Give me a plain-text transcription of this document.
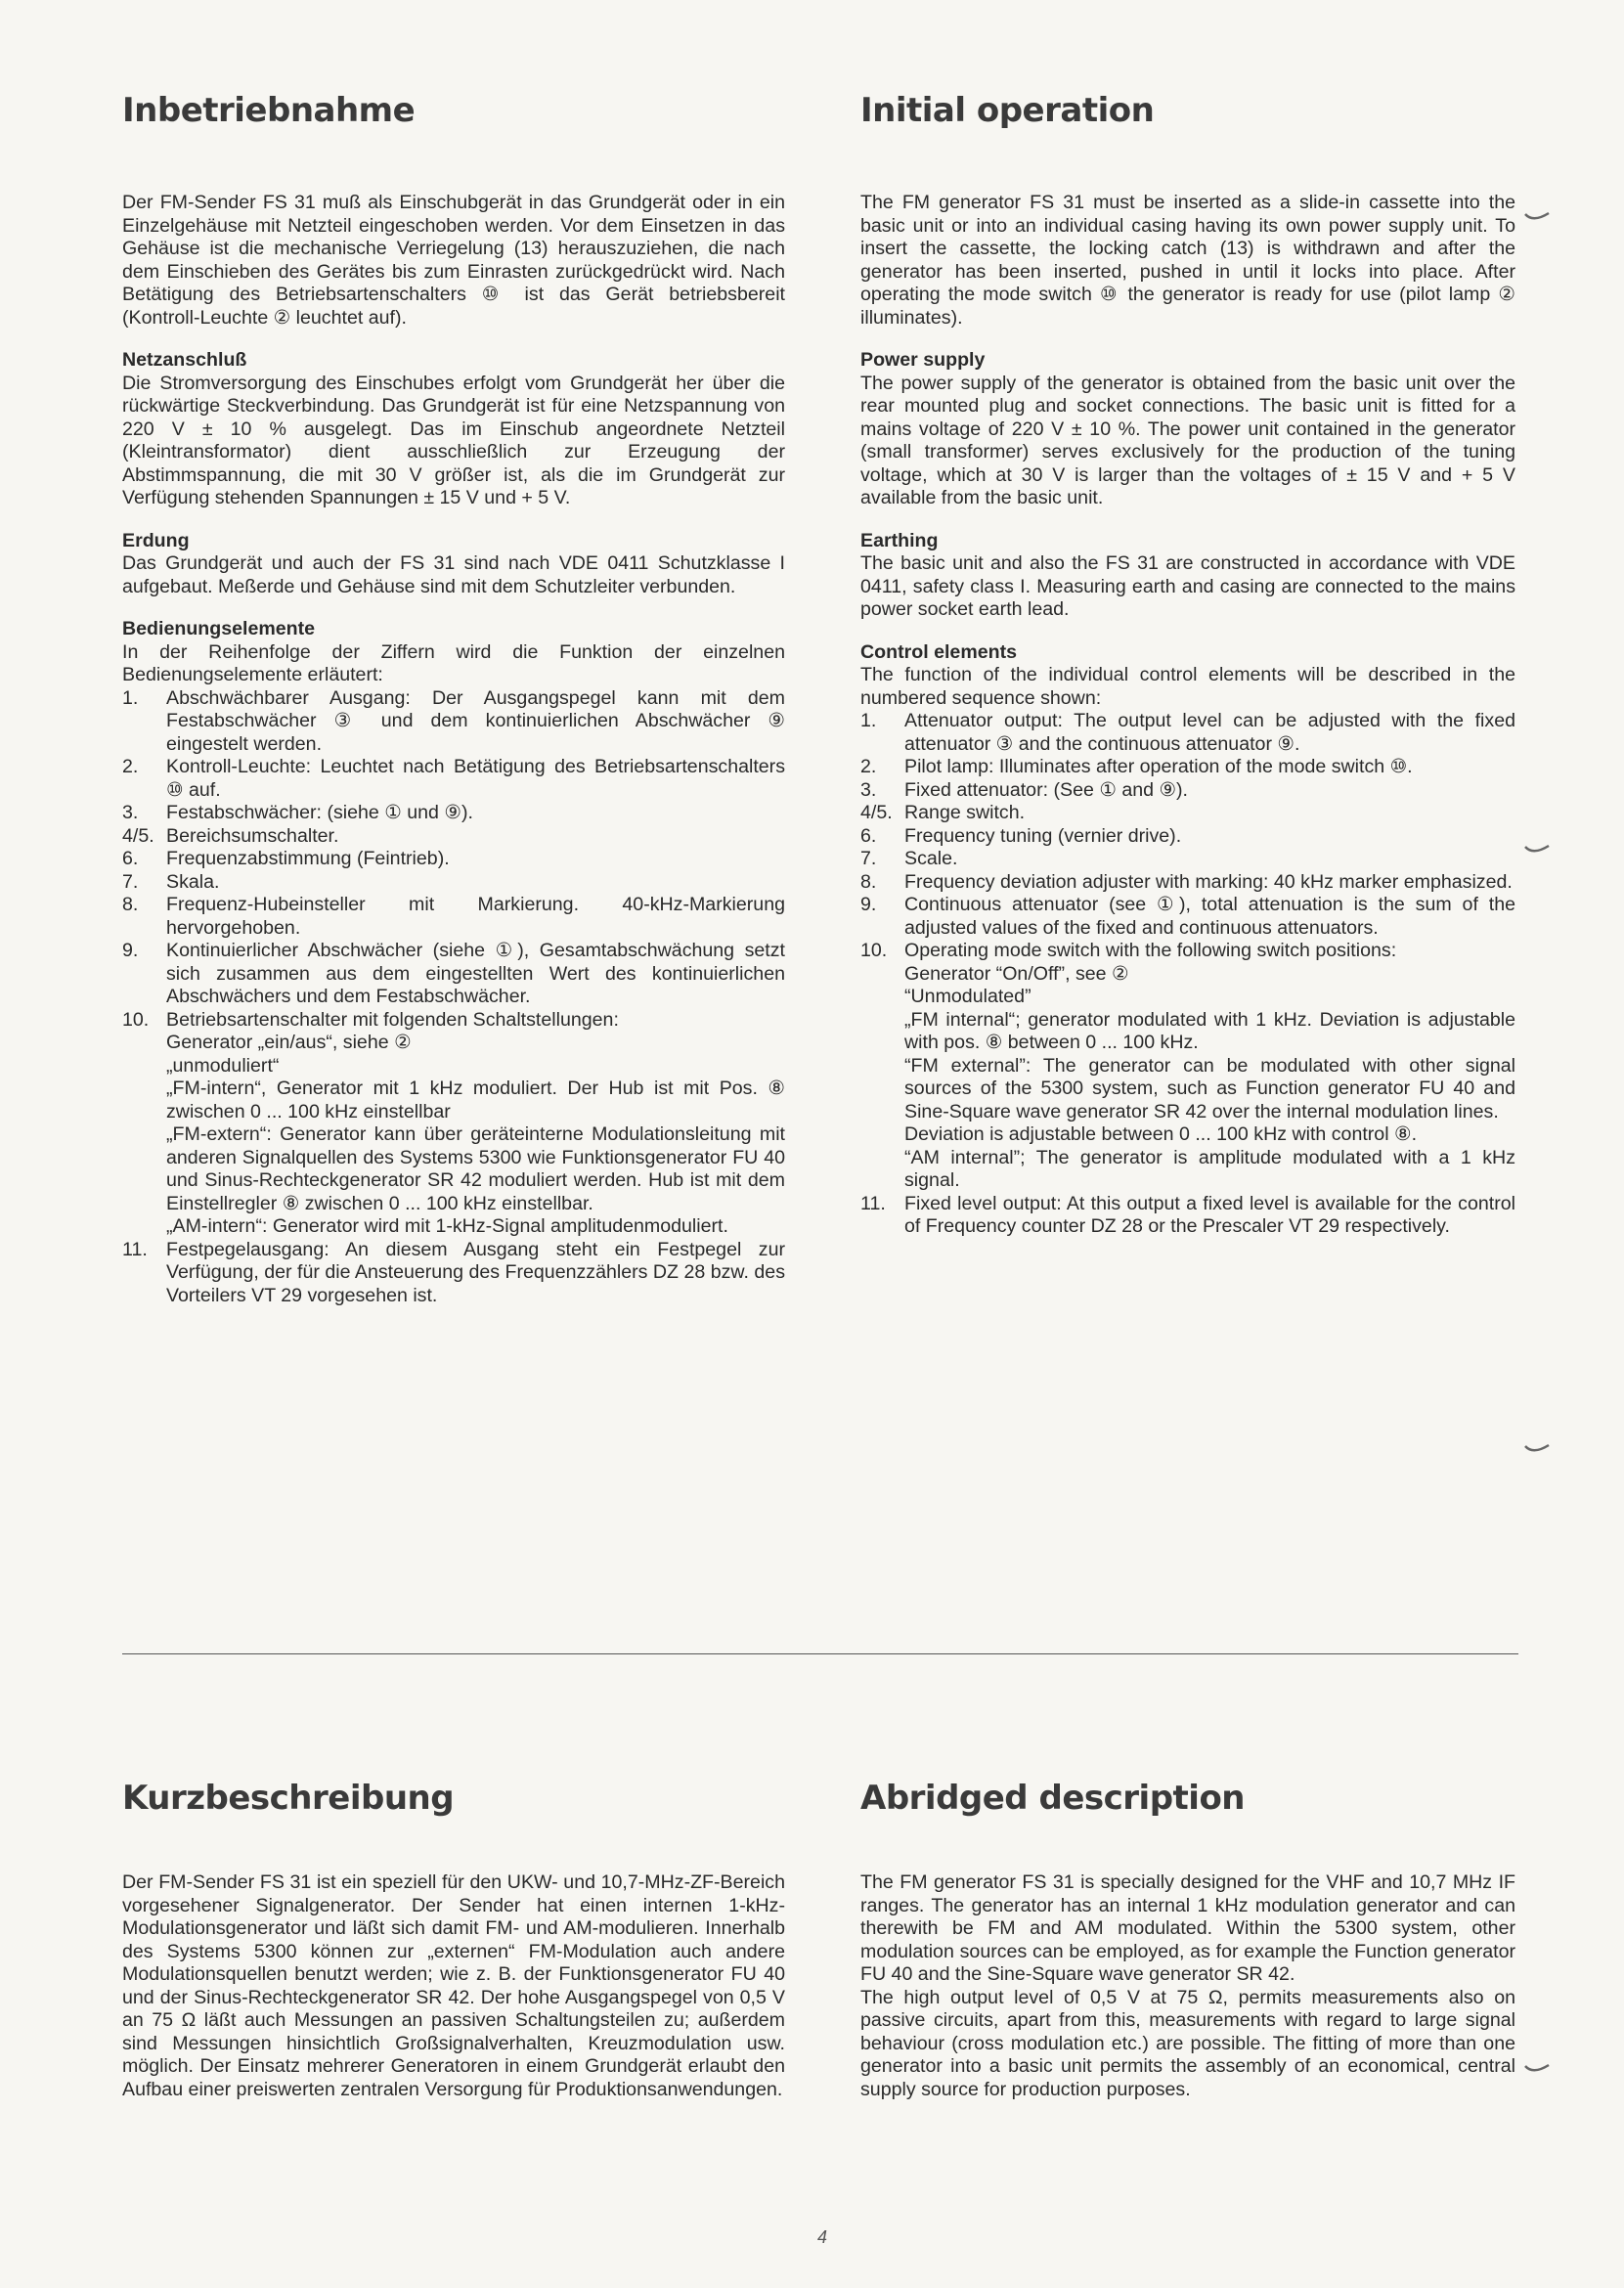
Inbetriebnahme

Der FM-Sender FS 31 muß als Einschubgerät in das Grundgerät oder in ein Einzelgehäuse mit Netzteil eingeschoben werden. Vor dem Einsetzen in das Gehäuse ist die mechanische Verriegelung (13) herauszuziehen, die nach dem Einschieben des Gerätes bis zum Einrasten zurückgedrückt wird. Nach Betätigung des Betriebsartenschalters ⑩ ist das Gerät betriebsbereit (Kontroll-Leuchte ② leuchtet auf).

Netzanschluß

Die Stromversorgung des Einschubes erfolgt vom Grundgerät her über die rückwärtige Steckverbindung. Das Grundgerät ist für eine Netzspannung von 220 V ± 10 % ausgelegt. Das im Einschub angeordnete Netzteil (Kleintransformator) dient ausschließlich zur Erzeugung der Abstimmspannung, die mit 30 V größer ist, als die im Grundgerät zur Verfügung stehenden Spannungen ± 15 V und + 5 V.

Erdung

Das Grundgerät und auch der FS 31 sind nach VDE 0411 Schutzklasse I aufgebaut. Meßerde und Gehäuse sind mit dem Schutzleiter verbunden.

Bedienungselemente

In der Reihenfolge der Ziffern wird die Funktion der einzelnen Bedienungselemente erläutert:

1.	Abschwächbarer Ausgang: Der Ausgangspegel kann mit dem Festabschwächer ③ und dem kontinuierlichen Abschwächer ⑨ eingestelt werden.
2.	Kontroll-Leuchte: Leuchtet nach Betätigung des Betriebsartenschalters ⑩ auf.
3.	Festabschwächer: (siehe ① und ⑨).
4/5. Bereichsumschalter.
6.	Frequenzabstimmung (Feintrieb).
7.	Skala.
8.	Frequenz-Hubeinsteller mit Markierung. 40-kHz-Markierung hervorgehoben.
9.	Kontinuierlicher Abschwächer (siehe ①), Gesamtabschwächung setzt sich zusammen aus dem eingestellten Wert des kontinuierlichen Abschwächers und dem Festabschwächer.
10. Betriebsartenschalter mit folgenden Schaltstellungen:
Generator „ein/aus“, siehe ②
„unmoduliert“
„FM-intern“, Generator mit 1 kHz moduliert. Der Hub ist mit Pos. ⑧ zwischen 0 ... 100 kHz einstellbar
„FM-extern“: Generator kann über geräteinterne Modulationsleitung mit anderen Signalquellen des Systems 5300 wie Funktionsgenerator FU 40 und Sinus-Rechteckgenerator SR 42 moduliert werden. Hub ist mit dem Einstellregler ⑧ zwischen 0 ... 100 kHz einstellbar.
„AM-intern“: Generator wird mit 1-kHz-Signal amplitudenmoduliert.
11. Festpegelausgang: An diesem Ausgang steht ein Festpegel zur Verfügung, der für die Ansteuerung des Frequenzzählers DZ 28 bzw. des Vorteilers VT 29 vorgesehen ist.
Initial operation

The FM generator FS 31 must be inserted as a slide-in cassette into the basic unit or into an individual casing having its own power supply unit. To insert the cassette, the locking catch (13) is withdrawn and after the generator has been inserted, pushed in until it locks into place. After operating the mode switch ⑩ the generator is ready for use (pilot lamp ② illuminates).

Power supply

The power supply of the generator is obtained from the basic unit over the rear mounted plug and socket connections. The basic unit is fitted for a mains voltage of 220 V ± 10 %. The power unit contained in the generator (small transformer) serves exclusively for the production of the tuning voltage, which at 30 V is larger than the voltages of ± 15 V and + 5 V available from the basic unit.

Earthing

The basic unit and also the FS 31 are constructed in accordance with VDE 0411, safety class I. Measuring earth and casing are connected to the mains power socket earth lead.

Control elements

The function of the individual control elements will be described in the numbered sequence shown:

1.	Attenuator output: The output level can be adjusted with the fixed attenuator ③ and the continuous attenuator ⑨.
2.	Pilot lamp: Illuminates after operation of the mode switch ⑩.
3.	Fixed attenuator: (See ① and ⑨).
4/5. Range switch.
6.	Frequency tuning (vernier drive).
7.	Scale.
8.	Frequency deviation adjuster with marking: 40 kHz marker emphasized.
9.	Continuous attenuator (see ①), total attenuation is the sum of the adjusted values of the fixed and continuous attenuators.
10. Operating mode switch with the following switch positions:
Generator “On/Off”, see ②
“Unmodulated”
„FM internal“; generator modulated with 1 kHz. Deviation is adjustable with pos. ⑧ between 0 ... 100 kHz.
“FM external”: The generator can be modulated with other signal sources of the 5300 system, such as Function generator FU 40 and Sine-Square wave generator SR 42 over the internal modulation lines.
Deviation is adjustable between 0 ... 100 kHz with control ⑧.
“AM internal”; The generator is amplitude modulated with a 1 kHz signal.
11. Fixed level output: At this output a fixed level is available for the control of Frequency counter DZ 28 or the Prescaler VT 29 respectively.
Kurzbeschreibung

Der FM-Sender FS 31 ist ein speziell für den UKW- und 10,7-MHz-ZF-Bereich vorgesehener Signalgenerator. Der Sender hat einen internen 1-kHz-Modulationsgenerator und läßt sich damit FM- und AM-modulieren. Innerhalb des Systems 5300 können zur „externen“ FM-Modulation auch andere Modulationsquellen benutzt werden; wie z. B. der Funktionsgenerator FU 40 und der Sinus-Rechteckgenerator SR 42. Der hohe Ausgangspegel von 0,5 V an 75 Ω läßt auch Messungen an passiven Schaltungsteilen zu; außerdem sind Messungen hinsichtlich Großsignalverhalten, Kreuzmodulation usw. möglich. Der Einsatz mehrerer Generatoren in einem Grundgerät erlaubt den Aufbau einer preiswerten zentralen Versorgung für Produktionsanwendungen.

Abridged description

The FM generator FS 31 is specially designed for the VHF and 10,7 MHz IF ranges. The generator has an internal 1 kHz modulation generator and can therewith be FM and AM modulated. Within the 5300 system, other modulation sources can be employed, as for example the Function generator FU 40 and the Sine-Square wave generator SR 42.

The high output level of 0,5 V at 75 Ω, permits measurements also on passive circuits, apart from this, measurements with regard to large signal behaviour (cross modulation etc.) are possible. The fitting of more than one generator into a basic unit permits the assembly of an economical, central supply source for production purposes.

4
